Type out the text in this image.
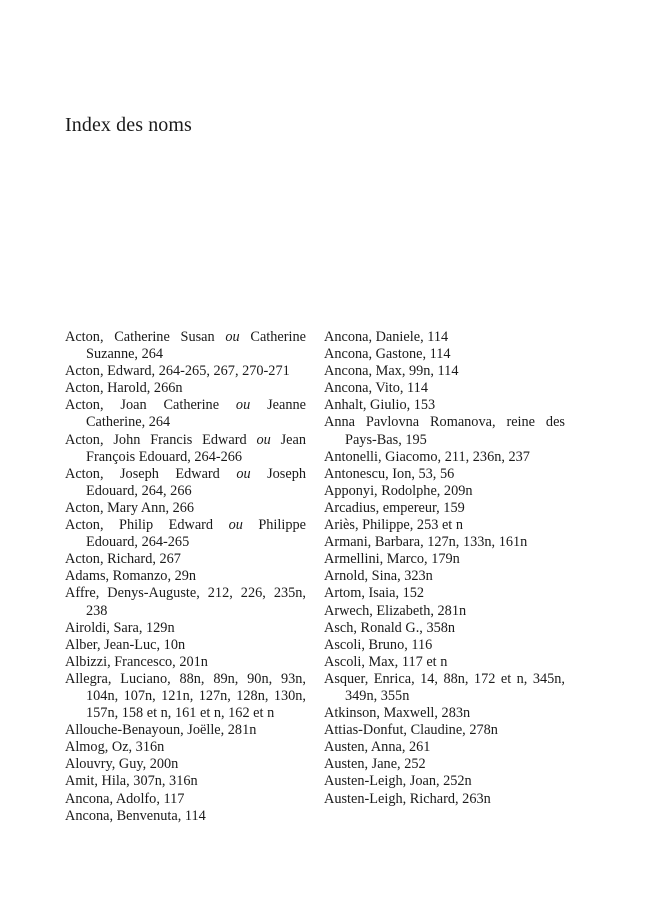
Index des noms
Acton, Catherine Susan ou Catherine Suzanne, 264
Acton, Edward, 264-265, 267, 270-271
Acton, Harold, 266n
Acton, Joan Catherine ou Jeanne Catherine, 264
Acton, John Francis Edward ou Jean François Edouard, 264-266
Acton, Joseph Edward ou Joseph Edouard, 264, 266
Acton, Mary Ann, 266
Acton, Philip Edward ou Philippe Edouard, 264-265
Acton, Richard, 267
Adams, Romanzo, 29n
Affre, Denys-Auguste, 212, 226, 235n, 238
Airoldi, Sara, 129n
Alber, Jean-Luc, 10n
Albizzi, Francesco, 201n
Allegra, Luciano, 88n, 89n, 90n, 93n, 104n, 107n, 121n, 127n, 128n, 130n, 157n, 158 et n, 161 et n, 162 et n
Allouche-Benayoun, Joëlle, 281n
Almog, Oz, 316n
Alouvry, Guy, 200n
Amit, Hila, 307n, 316n
Ancona, Adolfo, 117
Ancona, Benvenuta, 114
Ancona, Daniele, 114
Ancona, Gastone, 114
Ancona, Max, 99n, 114
Ancona, Vito, 114
Anhalt, Giulio, 153
Anna Pavlovna Romanova, reine des Pays-Bas, 195
Antonelli, Giacomo, 211, 236n, 237
Antonescu, Ion, 53, 56
Apponyi, Rodolphe, 209n
Arcadius, empereur, 159
Ariès, Philippe, 253 et n
Armani, Barbara, 127n, 133n, 161n
Armellini, Marco, 179n
Arnold, Sina, 323n
Artom, Isaia, 152
Arwech, Elizabeth, 281n
Asch, Ronald G., 358n
Ascoli, Bruno, 116
Ascoli, Max, 117 et n
Asquer, Enrica, 14, 88n, 172 et n, 345n, 349n, 355n
Atkinson, Maxwell, 283n
Attias-Donfut, Claudine, 278n
Austen, Anna, 261
Austen, Jane, 252
Austen-Leigh, Joan, 252n
Austen-Leigh, Richard, 263n
